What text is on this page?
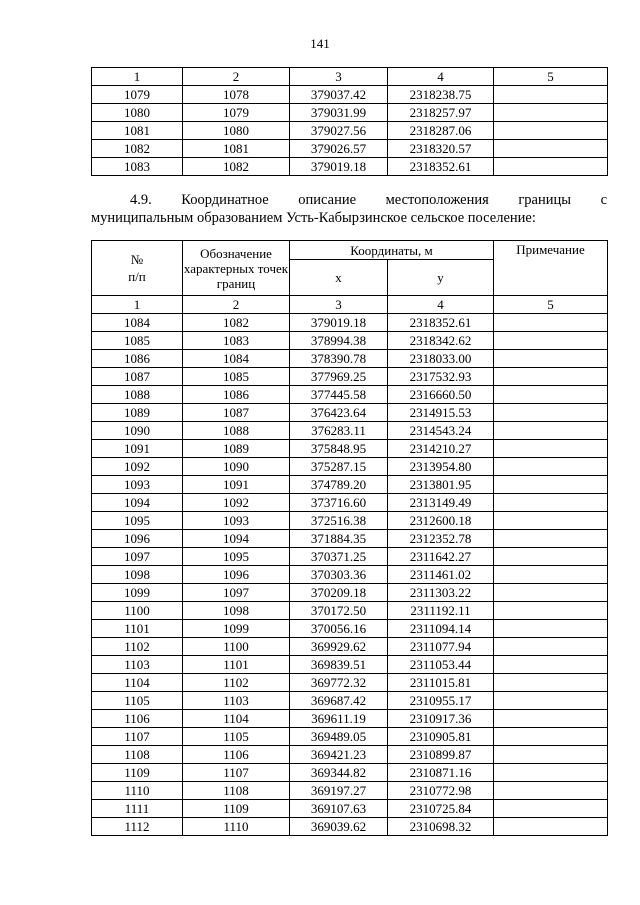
141
1	2	3	4	5
1079	1078	379037.42	2318238.75	
1080	1079	379031.99	2318257.97	
1081	1080	379027.56	2318287.06	
1082	1081	379026.57	2318320.57	
1083	1082	379019.18	2318352.61	
4.9. Координатное описание местоположения границы с
муниципальным образованием Усть-Кабырзинское сельское поселение:
№
п/п	Обозначение характерных точек границ	Координаты, м		Примечание
		x	y	
1	2	3	4	5
1084	1082	379019.18	2318352.61	
1085	1083	378994.38	2318342.62	
1086	1084	378390.78	2318033.00	
1087	1085	377969.25	2317532.93	
1088	1086	377445.58	2316660.50	
1089	1087	376423.64	2314915.53	
1090	1088	376283.11	2314543.24	
1091	1089	375848.95	2314210.27	
1092	1090	375287.15	2313954.80	
1093	1091	374789.20	2313801.95	
1094	1092	373716.60	2313149.49	
1095	1093	372516.38	2312600.18	
1096	1094	371884.35	2312352.78	
1097	1095	370371.25	2311642.27	
1098	1096	370303.36	2311461.02	
1099	1097	370209.18	2311303.22	
1100	1098	370172.50	2311192.11	
1101	1099	370056.16	2311094.14	
1102	1100	369929.62	2311077.94	
1103	1101	369839.51	2311053.44	
1104	1102	369772.32	2311015.81	
1105	1103	369687.42	2310955.17	
1106	1104	369611.19	2310917.36	
1107	1105	369489.05	2310905.81	
1108	1106	369421.23	2310899.87	
1109	1107	369344.82	2310871.16	
1110	1108	369197.27	2310772.98	
1111	1109	369107.63	2310725.84	
1112	1110	369039.62	2310698.32	
